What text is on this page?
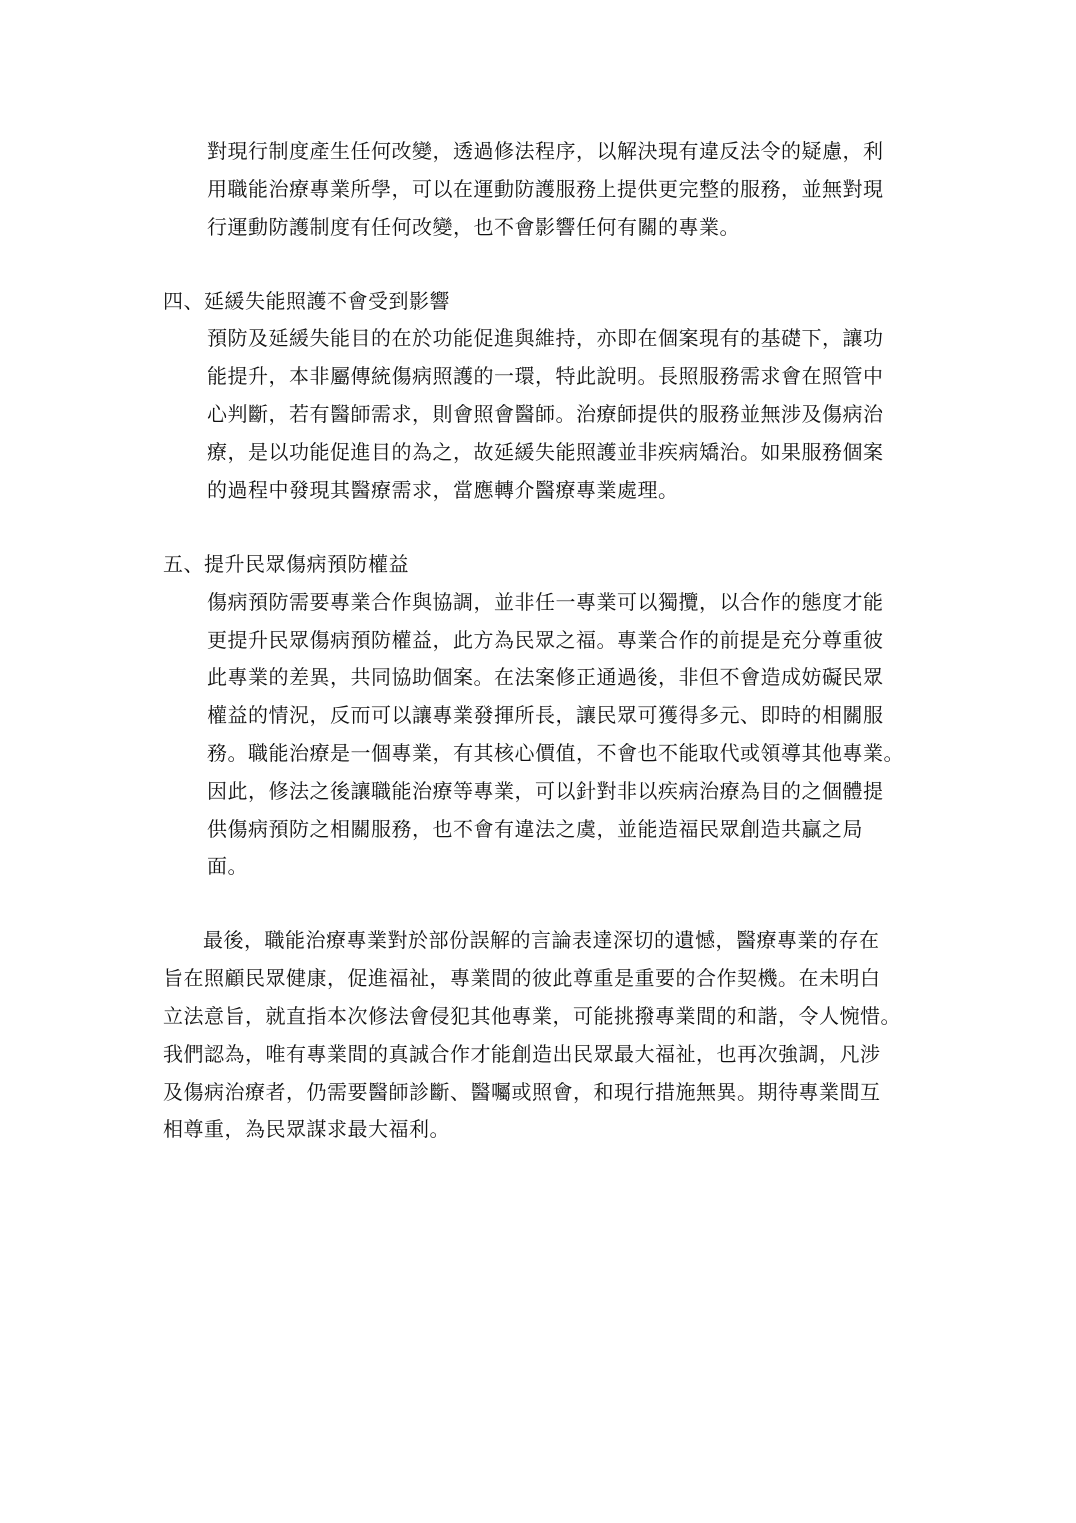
對現行制度產生任何改變，透過修法程序，以解決現有違反法令的疑慮，利
用職能治療專業所學，可以在運動防護服務上提供更完整的服務，並無對現
行運動防護制度有任何改變，也不會影響任何有關的專業。
四、延緩失能照護不會受到影響
預防及延緩失能目的在於功能促進與維持，亦即在個案現有的基礎下，讓功
能提升，本非屬傳統傷病照護的一環，特此說明。長照服務需求會在照管中
心判斷，若有醫師需求，則會照會醫師。治療師提供的服務並無涉及傷病治
療，是以功能促進目的為之，故延緩失能照護並非疾病矯治。如果服務個案
的過程中發現其醫療需求，當應轉介醫療專業處理。
五、提升民眾傷病預防權益
傷病預防需要專業合作與協調，並非任一專業可以獨攬，以合作的態度才能
更提升民眾傷病預防權益，此方為民眾之福。專業合作的前提是充分尊重彼
此專業的差異，共同協助個案。在法案修正通過後，非但不會造成妨礙民眾
權益的情況，反而可以讓專業發揮所長，讓民眾可獲得多元、即時的相關服
務。職能治療是一個專業，有其核心價值，不會也不能取代或領導其他專業。
因此，修法之後讓職能治療等專業，可以針對非以疾病治療為目的之個體提
供傷病預防之相關服務，也不會有違法之虞，並能造福民眾創造共贏之局
面。
最後，職能治療專業對於部份誤解的言論表達深切的遺憾，醫療專業的存在
旨在照顧民眾健康，促進福祉，專業間的彼此尊重是重要的合作契機。在未明白
立法意旨，就直指本次修法會侵犯其他專業，可能挑撥專業間的和諧，令人惋惜。
我們認為，唯有專業間的真誠合作才能創造出民眾最大福祉，也再次強調，凡涉
及傷病治療者，仍需要醫師診斷、醫囑或照會，和現行措施無異。期待專業間互
相尊重，為民眾謀求最大福利。
